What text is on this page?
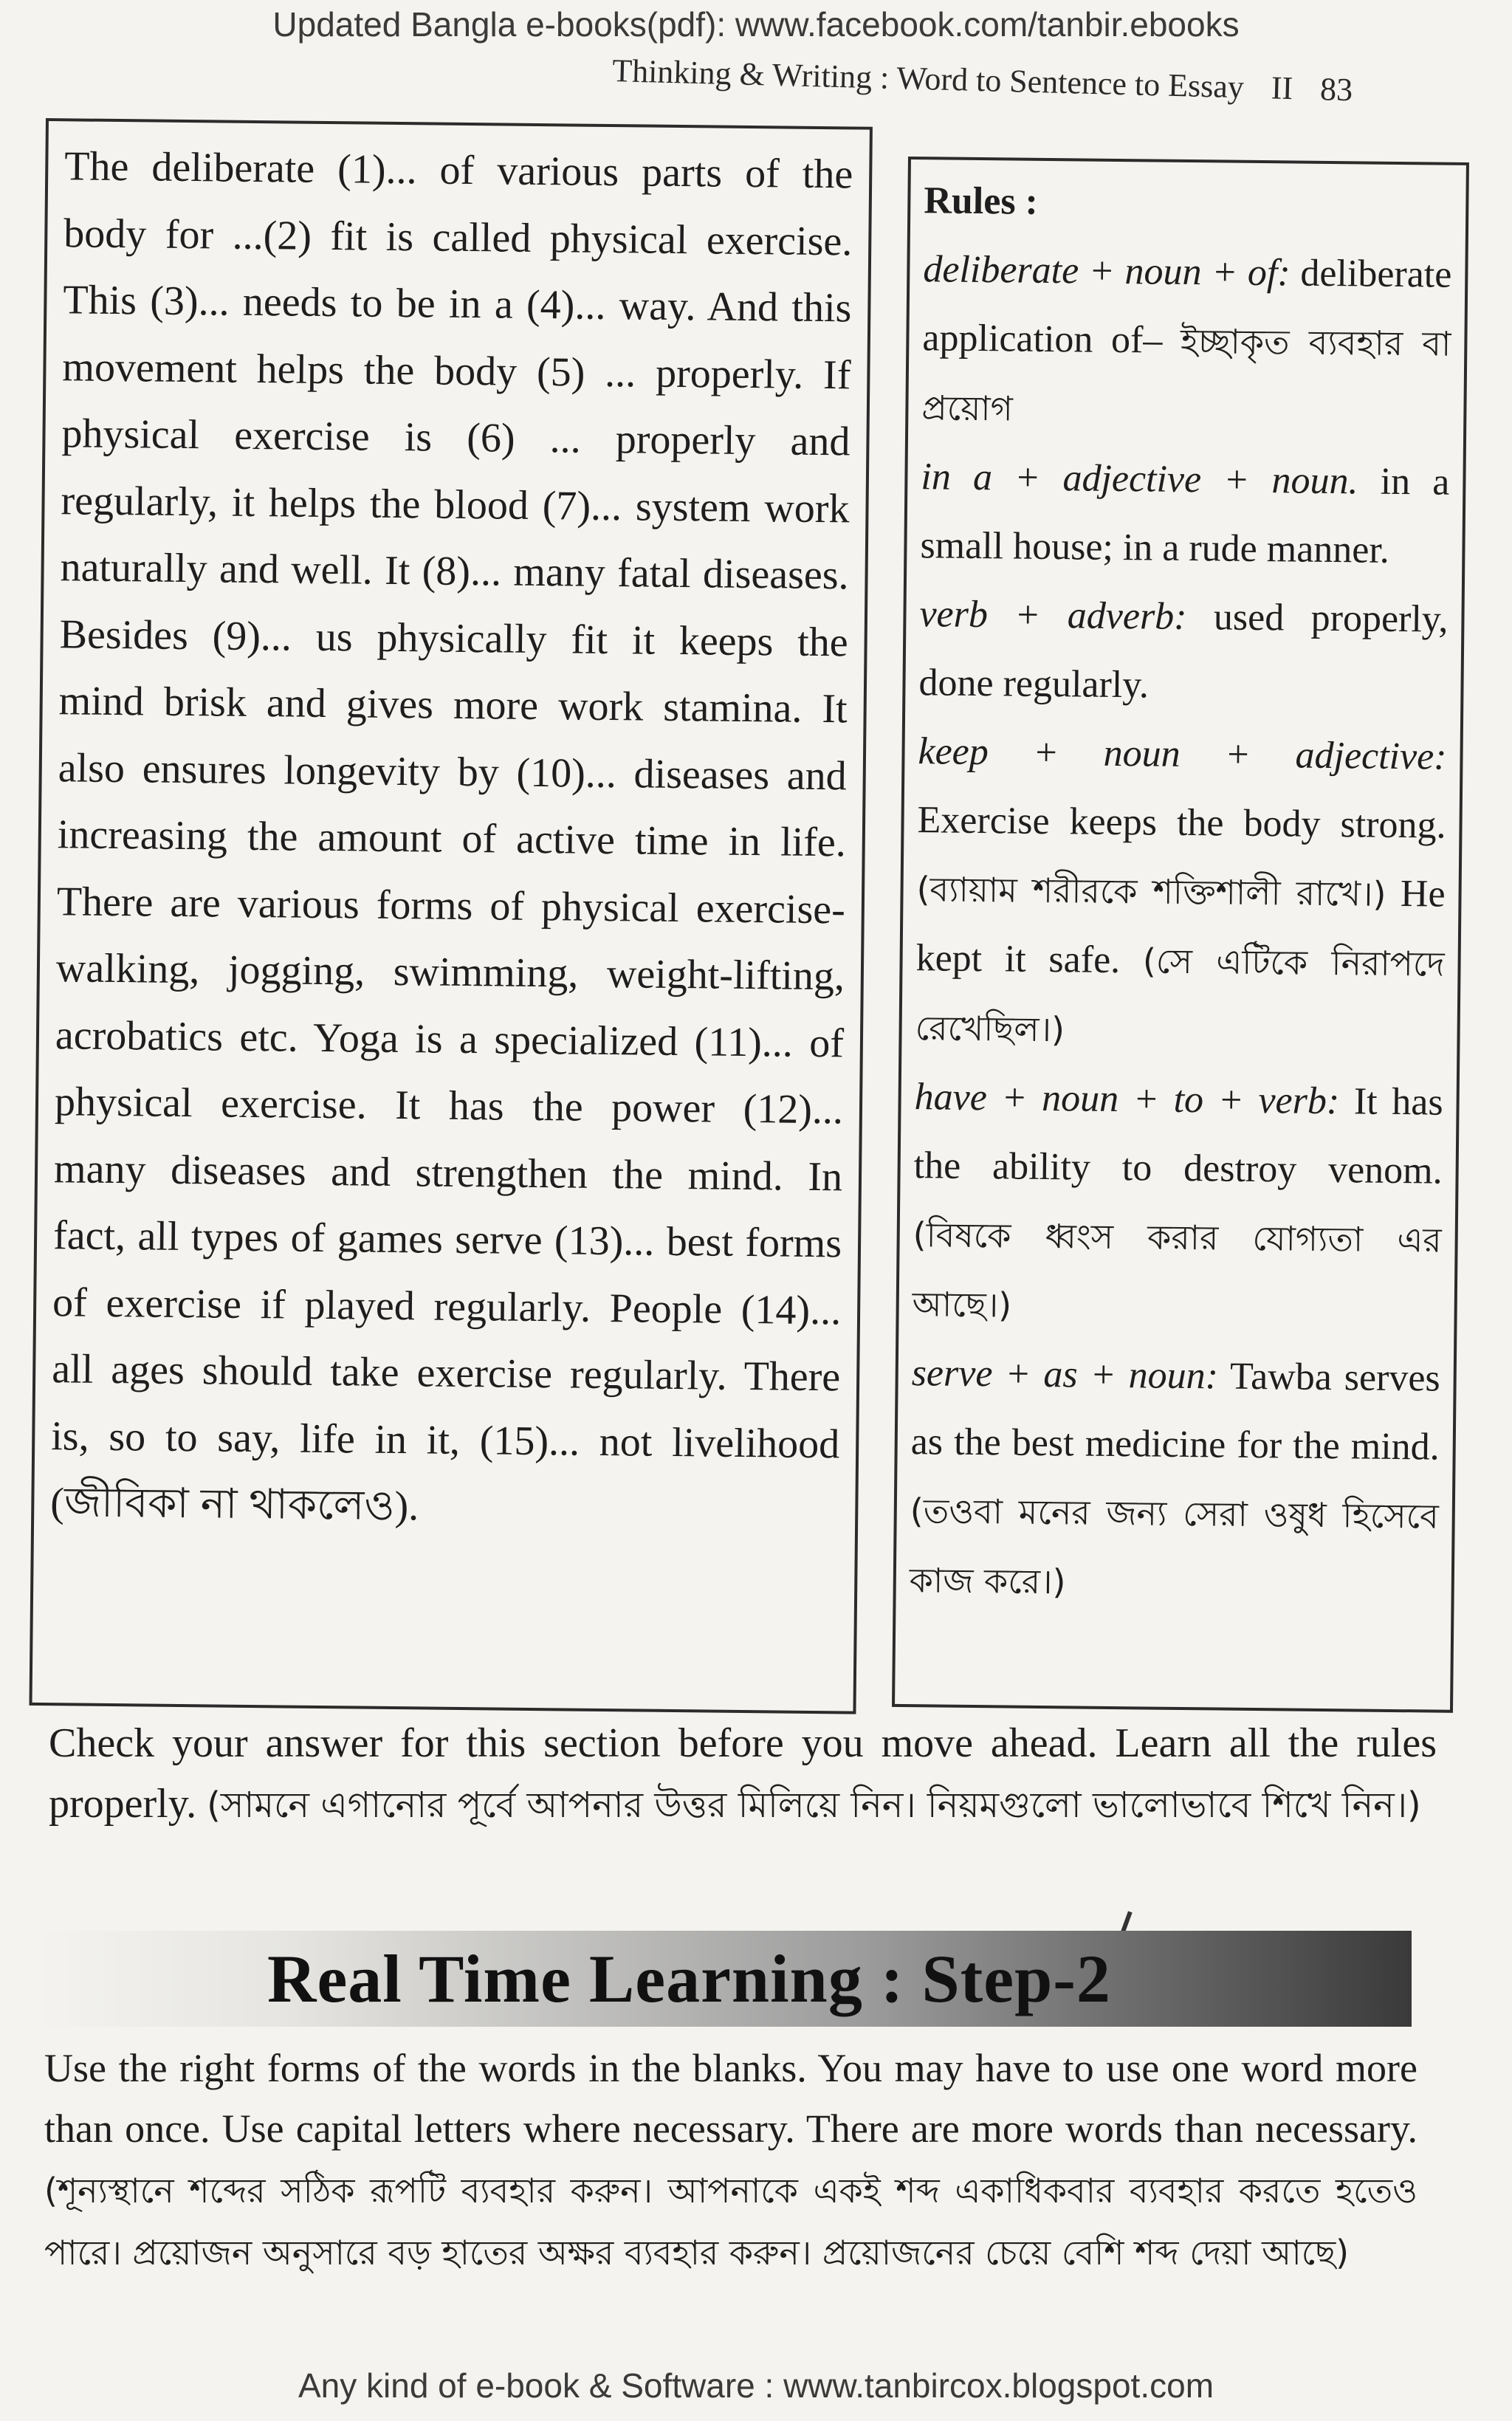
Updated Bangla e-books(pdf): www.facebook.com/tanbir.ebooks
Thinking & Writing : Word to Sentence to Essay II 83

The deliberate (1)... of various parts of the body for ...(2) fit is called physical exercise. This (3)... needs to be in a (4)... way. And this movement helps the body (5) ... properly. If physical exercise is (6) ... properly and regularly, it helps the blood (7)... system work naturally and well. It (8)... many fatal diseases. Besides (9)... us physically fit it keeps the mind brisk and gives more work stamina. It also ensures longevity by (10)... diseases and increasing the amount of active time in life. There are various forms of physical exercise- walking, jogging, swimming, weight-lifting, acrobatics etc. Yoga is a specialized (11)... of physical exercise. It has the power (12)... many diseases and strengthen the mind. In fact, all types of games serve (13)... best forms of exercise if played regularly. People (14)... all ages should take exercise regularly. There is, so to say, life in it, (15)... not livelihood (জীবিকা না থাকলেও).

Rules :

deliberate + noun + of: deliberate application of– ইচ্ছাকৃত ব্যবহার বা প্রয়োগ

in a + adjective + noun. in a small house; in a rude manner.

verb + adverb: used properly, done regularly.

keep + noun + adjective: Exercise keeps the body strong. (ব্যায়াম শরীরকে শক্তিশালী রাখে।) He kept it safe. (সে এটিকে নিরাপদে রেখেছিল।)

have + noun + to + verb: It has the ability to destroy venom. (বিষকে ধ্বংস করার যোগ্যতা এর আছে।)

serve + as + noun: Tawba serves as the best medicine for the mind. (তওবা মনের জন্য সেরা ওষুধ হিসেবে কাজ করে।)

Check your answer for this section before you move ahead. Learn all the rules properly. (সামনে এগানোর পূর্বে আপনার উত্তর মিলিয়ে নিন। নিয়মগুলো ভালোভাবে শিখে নিন।)

Real Time Learning : Step-2

Use the right forms of the words in the blanks. You may have to use one word more than once. Use capital letters where necessary. There are more words than necessary. (শূন্যস্থানে শব্দের সঠিক রূপটি ব্যবহার করুন। আপনাকে একই শব্দ একাধিকবার ব্যবহার করতে হতেও পারে। প্রয়োজন অনুসারে বড় হাতের অক্ষর ব্যবহার করুন। প্রয়োজনের চেয়ে বেশি শব্দ দেয়া আছে)

Any kind of e-book & Software : www.tanbircox.blogspot.com
